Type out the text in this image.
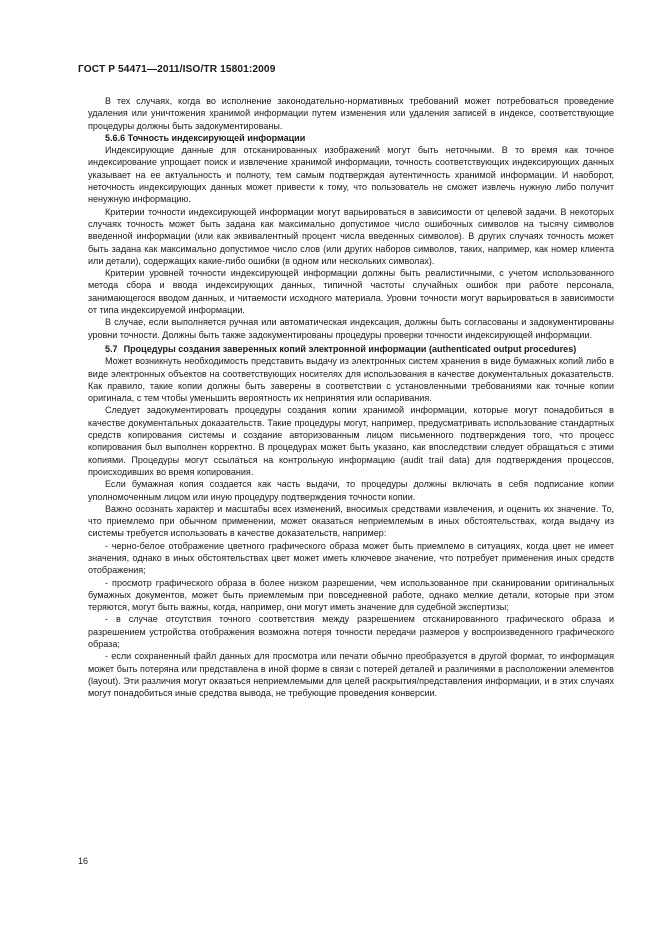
ГОСТ Р 54471—2011/ISO/TR 15801:2009

В тех случаях, когда во исполнение законодательно-нормативных требований может потребоваться проведение удаления или уничтожения хранимой информации путем изменения или удаления записей в индексе, соответствующие процедуры должны быть задокументированы.

5.6.6 Точность индексирующей информации

Индексирующие данные для отсканированных изображений могут быть неточными. В то время как точное индексирование упрощает поиск и извлечение хранимой информации, точность соответствующих индексирующих данных указывает на ее актуальность и полноту, тем самым подтверждая аутентичность хранимой информации. И наоборот, неточность индексирующих данных может привести к тому, что пользователь не сможет извлечь нужную либо получит ненужную информацию.

Критерии точности индексирующей информации могут варьироваться в зависимости от целевой задачи. В некоторых случаях точность может быть задана как максимально допустимое число ошибочных символов на тысячу символов введенной информации (или как эквивалентный процент числа введенных символов). В других случаях точность может быть задана как максимально допустимое число слов (или других наборов символов, таких, например, как номер клиента или детали), содержащих какие-либо ошибки (в одном или нескольких символах).

Критерии уровней точности индексирующей информации должны быть реалистичными, с учетом использованного метода сбора и ввода индексирующих данных, типичной частоты случайных ошибок при работе персонала, занимающегося вводом данных, и читаемости исходного материала. Уровни точности могут варьироваться в зависимости от типа индексируемой информации.

В случае, если выполняется ручная или автоматическая индексация, должны быть согласованы и задокументированы уровни точности. Должны быть также задокументированы процедуры проверки точности индексирующей информации.

5.7 Процедуры создания заверенных копий электронной информации (authenticated output procedures)

Может возникнуть необходимость представить выдачу из электронных систем хранения в виде бумажных копий либо в виде электронных объектов на соответствующих носителях для использования в качестве документальных доказательств. Как правило, такие копии должны быть заверены в соответствии с установленными требованиями как точные копии оригинала, с тем чтобы уменьшить вероятность их непринятия или оспаривания.

Следует задокументировать процедуры создания копии хранимой информации, которые могут понадобиться в качестве документальных доказательств. Такие процедуры могут, например, предусматривать использование стандартных средств копирования системы и создание авторизованным лицом письменного подтверждения того, что процесс копирования был выполнен корректно. В процедурах может быть указано, как впоследствии следует обращаться с этими копиями. Процедуры могут ссылаться на контрольную информацию (audit trail data) для подтверждения процессов, происходивших во время копирования.

Если бумажная копия создается как часть выдачи, то процедуры должны включать в себя подписание копии уполномоченным лицом или иную процедуру подтверждения точности копии.

Важно осознать характер и масштабы всех изменений, вносимых средствами извлечения, и оценить их значение. То, что приемлемо при обычном применении, может оказаться неприемлемым в иных обстоятельствах, когда выдачу из системы требуется использовать в качестве доказательств, например:

- черно-белое отображение цветного графического образа может быть приемлемо в ситуациях, когда цвет не имеет значения, однако в иных обстоятельствах цвет может иметь ключевое значение, что потребует применения иных средств отображения;

- просмотр графического образа в более низком разрешении, чем использованное при сканировании оригинальных бумажных документов, может быть приемлемым при повседневной работе, однако мелкие детали, которые при этом теряются, могут быть важны, когда, например, они могут иметь значение для судебной экспертизы;

- в случае отсутствия точного соответствия между разрешением отсканированного графического образа и разрешением устройства отображения возможна потеря точности передачи размеров у воспроизведенного графического образа;

- если сохраненный файл данных для просмотра или печати обычно преобразуется в другой формат, то информация может быть потеряна или представлена в иной форме в связи с потерей деталей и различиями в расположении элементов (layout). Эти различия могут оказаться неприемлемыми для целей раскрытия/представления информации, и в этих случаях могут понадобиться иные средства вывода, не требующие проведения конверсии.

16
